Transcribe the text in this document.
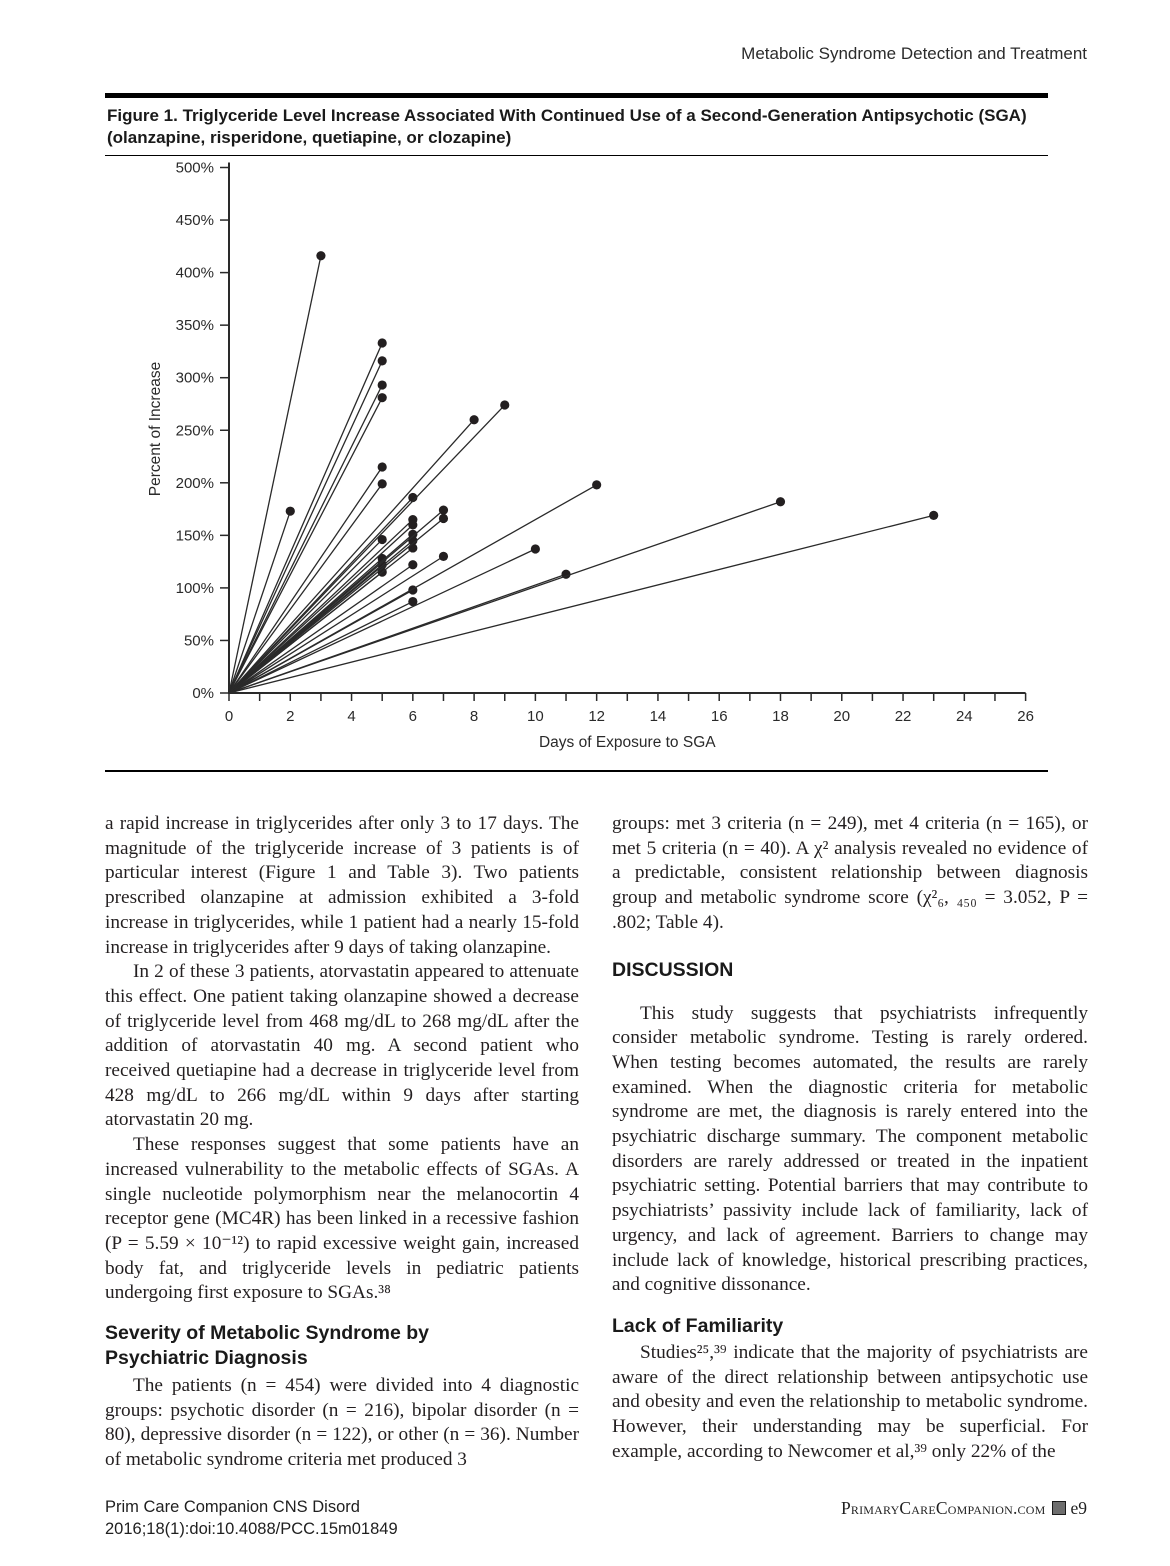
Metabolic Syndrome Detection and Treatment
Figure 1. Triglyceride Level Increase Associated With Continued Use of a Second-Generation Antipsychotic (SGA)
(olanzapine, risperidone, quetiapine, or clozapine)
0	2	4	6	8	10	12	14	16	18	20	22	24	26
0%
50%
100%
150%
200%
250%
300%
350%
400%
450%
500%
Days of Exposure to SGA
Percent of Increase

a rapid increase in triglycerides after only 3 to 17 days. The magnitude of the triglyceride increase of 3 patients is of particular interest (Figure 1 and Table 3). Two patients prescribed olanzapine at admission exhibited a 3-fold increase in triglycerides, while 1 patient had a nearly 15-fold increase in triglycerides after 9 days of taking olanzapine.

In 2 of these 3 patients, atorvastatin appeared to attenuate this effect. One patient taking olanzapine showed a decrease of triglyceride level from 468 mg/dL to 268 mg/dL after the addition of atorvastatin 40 mg. A second patient who received quetiapine had a decrease in triglyceride level from 428 mg/dL to 266 mg/dL within 9 days after starting atorvastatin 20 mg.

These responses suggest that some patients have an increased vulnerability to the metabolic effects of SGAs. A single nucleotide polymorphism near the melanocortin 4 receptor gene (MC4R) has been linked in a recessive fashion (P = 5.59 × 10⁻¹²) to rapid excessive weight gain, increased body fat, and triglyceride levels in pediatric patients undergoing first exposure to SGAs.³⁸

Severity of Metabolic Syndrome by
Psychiatric Diagnosis

The patients (n = 454) were divided into 4 diagnostic groups: psychotic disorder (n = 216), bipolar disorder (n = 80), depressive disorder (n = 122), or other (n = 36). Number of metabolic syndrome criteria met produced 3

groups: met 3 criteria (n = 249), met 4 criteria (n = 165), or met 5 criteria (n = 40). A χ² analysis revealed no evidence of a predictable, consistent relationship between diagnosis group and metabolic syndrome score (χ²₆, ₄₅₀ = 3.052, P = .802; Table 4).

DISCUSSION

This study suggests that psychiatrists infrequently consider metabolic syndrome. Testing is rarely ordered. When testing becomes automated, the results are rarely examined. When the diagnostic criteria for metabolic syndrome are met, the diagnosis is rarely entered into the psychiatric discharge summary. The component metabolic disorders are rarely addressed or treated in the inpatient psychiatric setting. Potential barriers that may contribute to psychiatrists’ passivity include lack of familiarity, lack of urgency, and lack of agreement. Barriers to change may include lack of knowledge, historical prescribing practices, and cognitive dissonance.

Lack of Familiarity

Studies²⁵,³⁹ indicate that the majority of psychiatrists are aware of the direct relationship between antipsychotic use and obesity and even the relationship to metabolic syndrome. However, their understanding may be superficial. For example, according to Newcomer et al,³⁹ only 22% of the

Prim Care Companion CNS Disord
2016;18(1):doi:10.4088/PCC.15m01849
PrimaryCareCompanion.com e9
